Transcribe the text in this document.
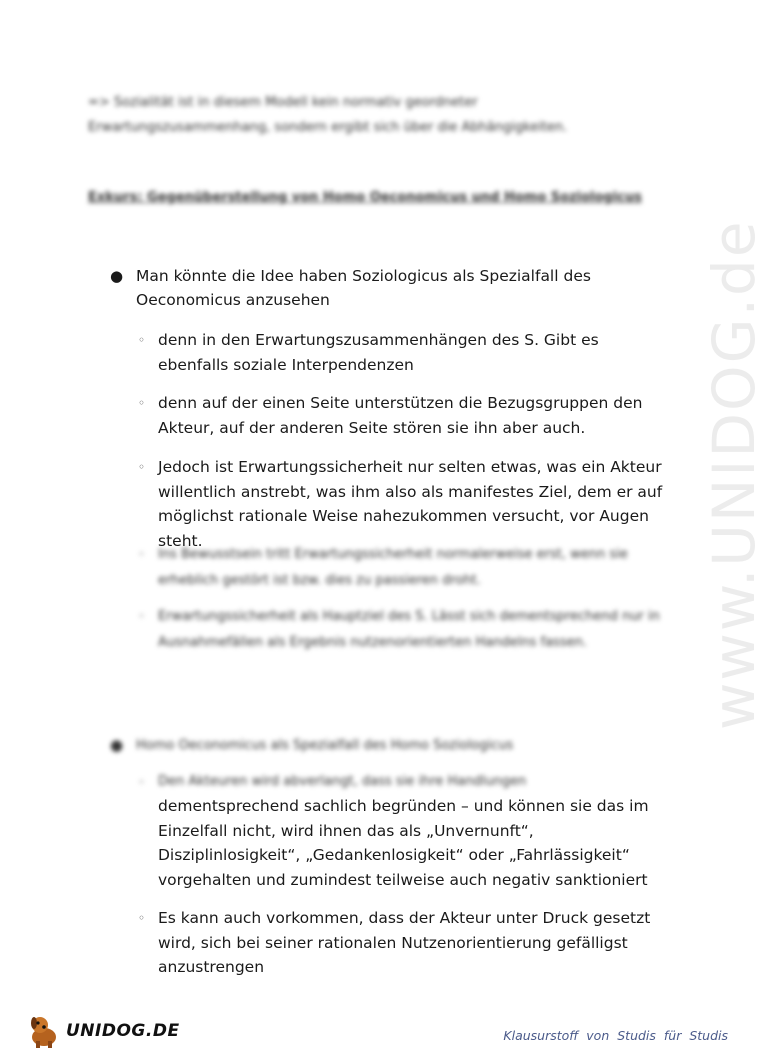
www.UNIDOG.de
=> Sozialität ist in diesem Modell kein normativ geordneter
Erwartungszusammenhang, sondern ergibt sich über die Abhängigkeiten.
Exkurs: Gegenüberstellung von Homo Oeconomicus und Homo Soziologicus
● Man könnte die Idee haben Soziologicus als Spezialfall des Oeconomicus anzusehen
◦ denn in den Erwartungszusammenhängen des S. Gibt es ebenfalls soziale Interpendenzen
◦ denn auf der einen Seite unterstützen die Bezugsgruppen den Akteur, auf der anderen Seite stören sie ihn aber auch.
◦ Jedoch ist Erwartungssicherheit nur selten etwas, was ein Akteur willentlich anstrebt, was ihm also als manifestes Ziel, dem er auf möglichst rationale Weise nahezukommen versucht, vor Augen steht.
◦ Ins Bewusstsein tritt Erwartungssicherheit normalerweise erst, wenn sie erheblich gestört ist bzw. dies zu passieren droht.
◦ Erwartungssicherheit als Hauptziel des S. Lässt sich dementsprechend nur in Ausnahmefällen als Ergebnis nutzenorientierten Handelns fassen.
● Homo Oeconomicus als Spezialfall des Homo Soziologicus
◦ Den Akteuren wird abverlangt, dass sie ihre Handlungen
dementsprechend sachlich begründen – und können sie das im Einzelfall nicht, wird ihnen das als „Unvernunft“, Disziplinlosigkeit“, „Gedankenlosigkeit“ oder „Fahrlässigkeit“ vorgehalten und zumindest teilweise auch negativ sanktioniert
◦ Es kann auch vorkommen, dass der Akteur unter Druck gesetzt wird, sich bei seiner rationalen Nutzenorientierung gefälligst anzustrengen
UNIDOG.DE	Klausurstoff von Studis für Studis
